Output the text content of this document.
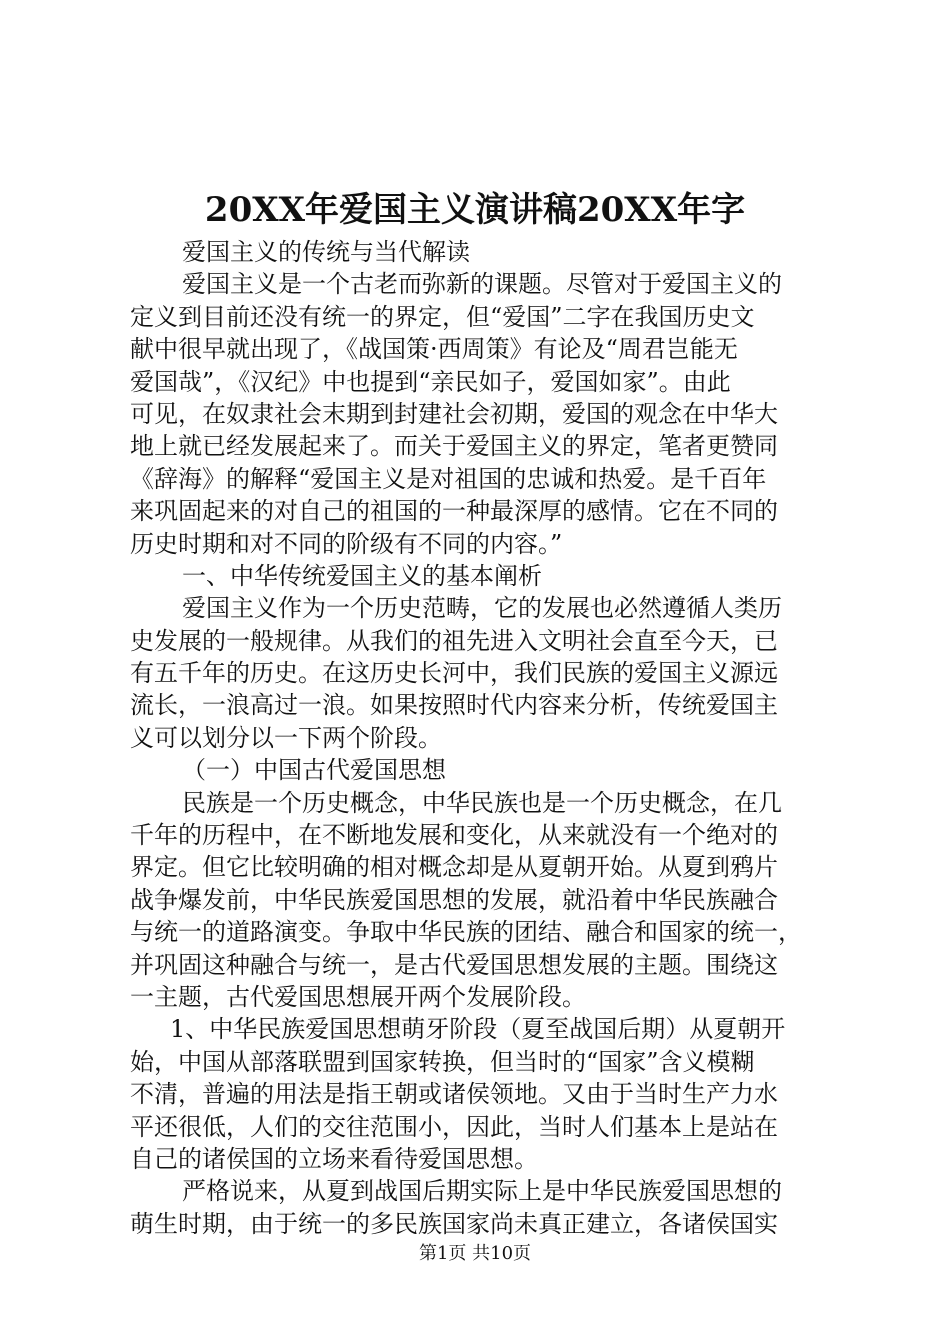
20XX年爱国主义演讲稿20XX年字
爱国主义的传统与当代解读
爱国主义是一个古老而弥新的课题。尽管对于爱国主义的
定义到目前还没有统一的界定，但“爱国”二字在我国历史文
献中很早就出现了，《战国策·西周策》有论及“周君岂能无
爱国哉”，《汉纪》中也提到“亲民如子，爱国如家”。由此
可见，在奴隶社会末期到封建社会初期，爱国的观念在中华大
地上就已经发展起来了。而关于爱国主义的界定，笔者更赞同
《辞海》的解释“爱国主义是对祖国的忠诚和热爱。是千百年
来巩固起来的对自己的祖国的一种最深厚的感情。它在不同的
历史时期和对不同的阶级有不同的内容。”
一、中华传统爱国主义的基本阐析
爱国主义作为一个历史范畴，它的发展也必然遵循人类历
史发展的一般规律。从我们的祖先进入文明社会直至今天，已
有五千年的历史。在这历史长河中，我们民族的爱国主义源远
流长，一浪高过一浪。如果按照时代内容来分析，传统爱国主
义可以划分以一下两个阶段。
（一）中国古代爱国思想
民族是一个历史概念，中华民族也是一个历史概念，在几
千年的历程中，在不断地发展和变化，从来就没有一个绝对的
界定。但它比较明确的相对概念却是从夏朝开始。从夏到鸦片
战争爆发前，中华民族爱国思想的发展，就沿着中华民族融合
与统一的道路演变。争取中华民族的团结、融合和国家的统一，
并巩固这种融合与统一，是古代爱国思想发展的主题。围绕这
一主题，古代爱国思想展开两个发展阶段。
1、中华民族爱国思想萌牙阶段（夏至战国后期）从夏朝开
始，中国从部落联盟到国家转换，但当时的“国家”含义模糊
不清，普遍的用法是指王朝或诸侯领地。又由于当时生产力水
平还很低，人们的交往范围小，因此，当时人们基本上是站在
自己的诸侯国的立场来看待爱国思想。
严格说来，从夏到战国后期实际上是中华民族爱国思想的
萌生时期，由于统一的多民族国家尚未真正建立，各诸侯国实
第1页 共10页
